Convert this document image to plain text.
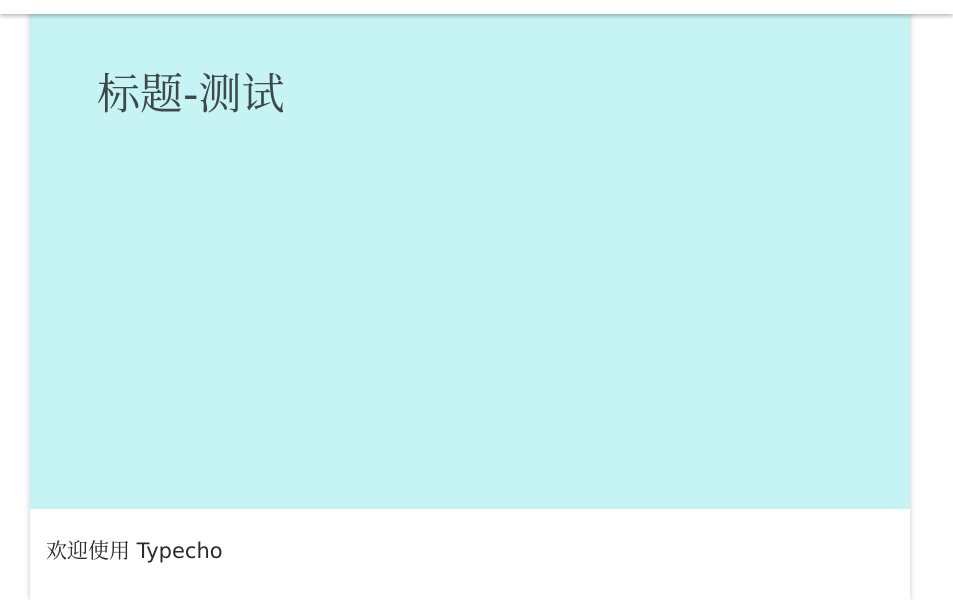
标题-测试
欢迎使用 Typecho
